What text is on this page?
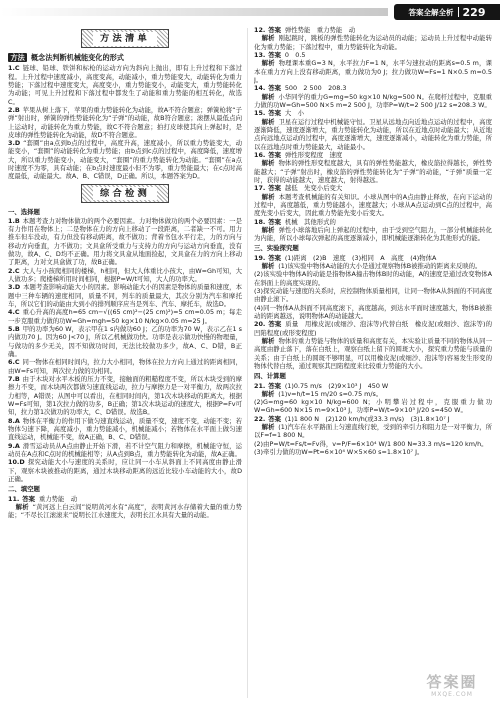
答案全解全析 229
方法清单
方法 概念法判断机械能变化的形式

1.C 链球、铅球、铁饼和标枪的运动方向为斜向上抛出，即有上升过程和下落过程。上升过程中速度减小，高度变高，动能减小，重力势能变大，动能转化为重力势能；下落过程中速度变大，高度变小，重力势能变小，动能变大，重力势能转化为动能；可见上升过程和下落过程中都发生了动能和重力势能的相互转化，故选C。

2.B 苹果从树上落下，苹果的重力势能转化为动能，故A不符合题意；弹簧枪将“子弹”射出时，弹簧的弹性势能转化为“子弹”的动能，故B符合题意；滚摆从最低点向上运动时，动能转化为重力势能，故C不符合题意；拍打皮球使其向上弹起时，是皮球的弹性势能转化为动能，故D不符合题意。

3.D “套圈”由a点到b点的过程中，高度升高，速度减小，所以重力势能变大，动能变小，“套圈”的动能转化为重力势能；由b点到c点的过程中，高度降低，速度增大，所以重力势能变小，动能变大，“套圈”的重力势能转化为动能。“套圈”在a点时速度不为零，具有动能；在b点时速度最小但不为零，重力势能最大；在c点时高度最低，动能最大。故A、B、C错误，D正确。所以，本题答案为D。

综合检测
一、选择题

1.B 本题考查力对物体做功的两个必要因素。力对物体做功的两个必要因素：一是有力作用在物体上；二是物体在力的方向上移动了一段距离，二者缺一不可。用力推车但车没动，有力但没有移动距离，故不做功；背着书包水平行走，力的方向与移动方向垂直，力不做功；文具盒所受重力与支持力的方向与运动方向垂直，没有做功，故A、C、D均不正确。用力将文具盒从地面捡起，文具盒在力的方向上移动了距离，力对文具盒做了功，故B正确。

2.C 大人与小孩爬相同的楼梯，h相同，但大人体重比小孩大，由W=Gh可知，大人做功多；爬楼梯所用时间相同，根据P=W/t可知，大人的功率大。

3.D 本题考查影响动能大小的因素。影响动能大小的因素是物体的质量和速度，本题中三种车辆的速度相同，质量不同，列车的质量最大，其次分别为汽车和摩托车，所以它们的动能由大到小的排列顺序应当是列车、汽车、摩托车，故选D。

4.C 重心升高的高度h=65 cm−√((65 cm)²−(25 cm)²)=5 cm=0.05 m；每走一步克服重力做的功W=Gh=mgh=50 kg×10 N/kg×0.05 m=25 J。

5.B 甲的功率为60 W，表示甲在1 s内做功60 J；乙的功率为70 W，表示乙在1 s内做功70 J。因为60 J<70 J，所以乙机械做功快。功率是表示做功快慢的物理量，与做功的多少无关，因不知做功时间，无法比较做功多少，故A、C、D错，B正确。

6.C 同一物体在相同时间内，拉力大小相同，物体在拉力方向上通过的距离相同，由W=Fs可知，两次拉力做的功相同。

7.B 由于木块对水平木板的压力不变，接触面的粗糙程度不变，所以木块受到的摩擦力不变，而木块两次都做匀速直线运动，拉力与摩擦力是一对平衡力，故两次拉力相等，A错误；从图中可以看出，在相同时间内，第1次木块移动的距离大，根据W=Fs可知，第1次拉力做的功多，B正确；第1次木块运动的速度大，根据P=Fv可知，拉力第1次做功的功率大，C、D错误。故选B。

8.A 物体在平衡力的作用下做匀速直线运动，质量不变，速度不变，动能不变；若物体匀速下降，高度减小，重力势能减小，机械能减小；若物体在水平面上做匀速直线运动，机械能不变，故A正确，B、C、D错误。

9.A 滑雪运动员从A点由静止开始下滑，若不计空气阻力和摩擦，机械能守恒，运动员在A点和C点时的机械能相等；从A点到B点，重力势能转化为动能，故A正确。

10.D 探究动能大小与速度的关系时，应让同一小车从斜面上不同高度由静止滑下，观察木块被推动的距离，通过木块移动距离的远近比较小车动能的大小，故D正确。

二、填空题

11. 答案 重力势能　动

解析 “黄河远上白云间”说明黄河水有“高度”，表明黄河水存储着大量的重力势能；“不尽长江滚滚来”说明长江水速度大，表明长江水具有大量的动能。

12. 答案 弹性势能　重力势能　动

解析 刚起跳时，跳板的弹性势能转化为运动员的动能；运动员上升过程中动能转化为重力势能；下落过程中，重力势能转化为动能。

13. 答案 0　0.5

解析 物理课本重G=3 N，水平拉力F=1 N，水平匀速拉动的距离s=0.5 m，课本在重力方向上没有移动距离，重力做功为0 J；拉力做功W=Fs=1 N×0.5 m=0.5 J。

14. 答案 500　2 500　208.3

解析 小华同学的重力G=mg=50 kg×10 N/kg=500 N。在爬杆过程中，克服重力做的功W=Gh=500 N×5 m=2 500 J，功率P=W/t=2 500 J/12 s≈208.3 W。

15. 答案 大　小

解析 卫星在运行过程中机械能守恒。卫星从远地点向近地点运动的过程中，高度逐渐降低，速度逐渐增大，重力势能转化为动能，所以在近地点时动能最大；从近地点向远地点运动的过程中，高度逐渐增大，速度逐渐减小，动能转化为重力势能，所以在远地点时重力势能最大，动能最小。

16. 答案 弹性形变程度　速度

解析 物体的弹性形变程度越大，具有的弹性势能越大，橡皮筋拉得越长，弹性势能越大；“子弹”射出时，橡皮筋的弹性势能转化为“子弹”的动能，“子弹”质量一定时，获得的动能越大，速度越大，射得越远。

17. 答案 越低　先变小后变大

解析 本题考查机械能的有关知识。小球从图中的A点由静止释放，在向下运动的过程中，高度越低，重力势能越小，速度越大；小球从A点运动到C点的过程中，高度先变小后变大，因此重力势能先变小后变大。

18. 答案 机械　其他形式的

解析 弹性小球落地后向上弹起的过程中，由于受到空气阻力，一部分机械能转化为内能，所以小球每次弹起的高度逐渐减小，即机械能逐渐转化为其他形式的能。

三、实验探究题

19. 答案 (1)距离　(2)B　速度　(3)相同　A　高度　(4)物体A

解析 (1)该实验中物体A动能的大小是通过观察物体B被推动的距离来反映的。

(2)该实验中物体A的动能是指物体A撞击物体B时的动能，A的速度是通过改变物体A在斜面上的高度实现的。

(3)探究动能与速度的关系时，应控制物体质量相同，让同一物体A从斜面的不同高度由静止滚下。

(4)同一物体A从斜面不同高度滚下，高度越高，到达水平面时速度越大，物体B被推动的距离越远，说明物体A的动能越大。

20. 答案 质量　用橡皮泥(或细沙、泡沫等)代替白纸　橡皮泥(或细沙、泡沫等)的凹陷程度(或形变程度)

解析 物体的重力势能与物体的质量和高度有关，本实验让质量不同的物体从同一高度由静止落下，落在白纸上，观察白纸上留下的圆斑大小，探究重力势能与质量的关系；由于白纸上的圆斑不够明显，可以用橡皮泥(或细沙、泡沫等)容易发生形变的物体代替白纸，通过观察其凹陷程度来比较重力势能的大小。

四、计算题

21. 答案 (1)0.75 m/s　(2)9×10³ J　450 W

解析 (1)v=h/t=15 m/20 s=0.75 m/s。

(2)G=mg=60 kg×10 N/kg=600 N；小明攀岩过程中，克服重力做功W=Gh=600 N×15 m=9×10³ J，功率P=W/t=9×10³ J/20 s=450 W。

22. 答案 (1)1 800 N　(2)120 km/h(或33.3 m/s)　(3)1.8×10⁷ J

解析 (1)汽车在水平路面上匀速直线行驶，受到的牵引力和阻力是一对平衡力，所以F=f=1 800 N。

(2)由P=W/t=Fs/t=Fv得，v=P/F=6×10⁴ W/1 800 N≈33.3 m/s=120 km/h。

(3)牵引力做的功W=Pt=6×10⁴ W×5×60 s=1.8×10⁷ J。

答案圈
MXQE.COM
